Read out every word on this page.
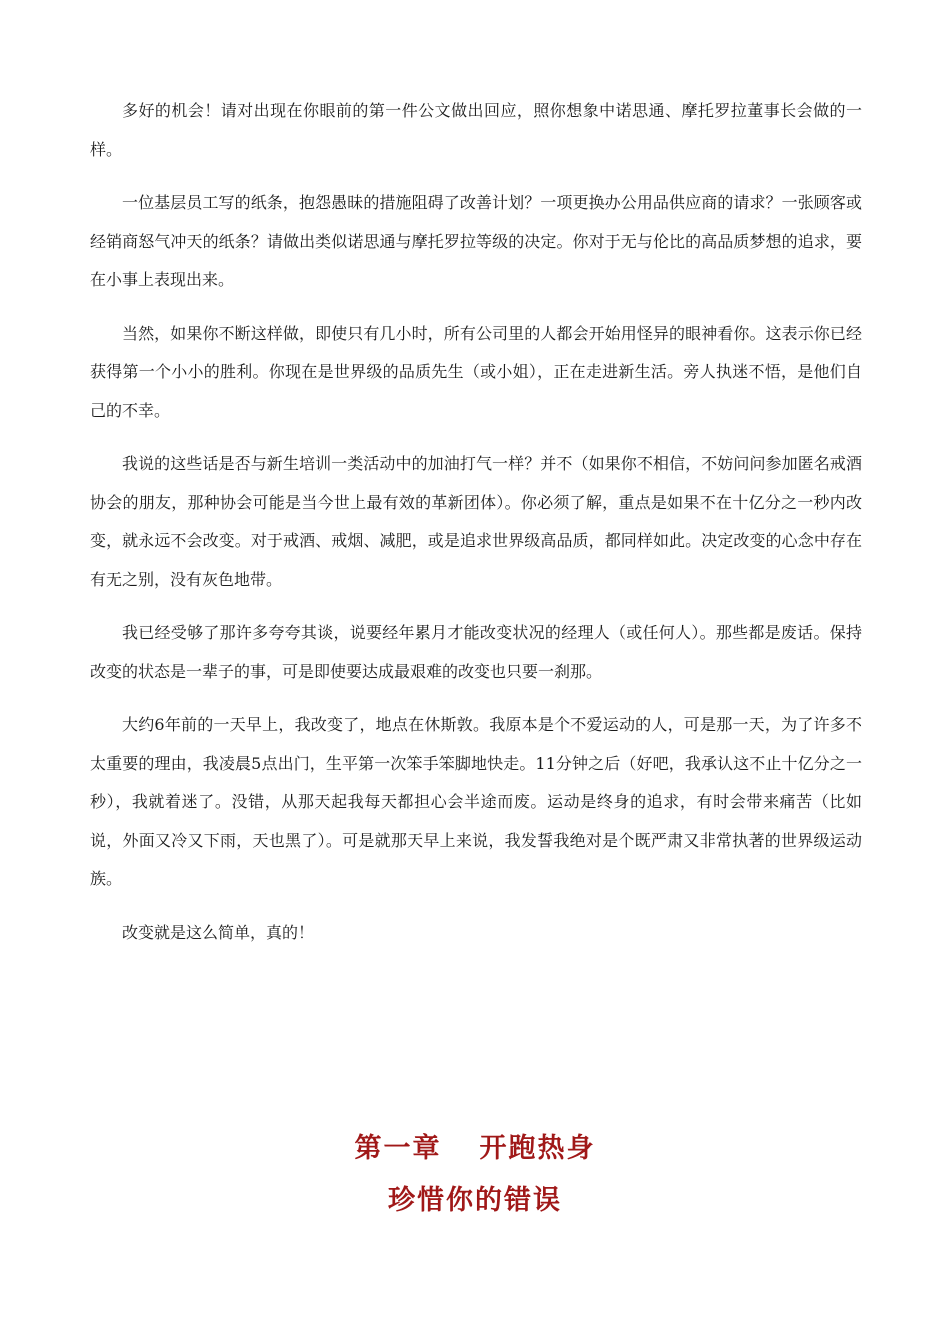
多好的机会！请对出现在你眼前的第一件公文做出回应，照你想象中诺思通、摩托罗拉董事长会做的一样。

一位基层员工写的纸条，抱怨愚昧的措施阻碍了改善计划？一项更换办公用品供应商的请求？一张顾客或经销商怒气冲天的纸条？请做出类似诺思通与摩托罗拉等级的决定。你对于无与伦比的高品质梦想的追求，要在小事上表现出来。

当然，如果你不断这样做，即使只有几小时，所有公司里的人都会开始用怪异的眼神看你。这表示你已经获得第一个小小的胜利。你现在是世界级的品质先生（或小姐），正在走进新生活。旁人执迷不悟，是他们自己的不幸。

我说的这些话是否与新生培训一类活动中的加油打气一样？并不（如果你不相信，不妨问问参加匿名戒酒协会的朋友，那种协会可能是当今世上最有效的革新团体）。你必须了解，重点是如果不在十亿分之一秒内改变，就永远不会改变。对于戒酒、戒烟、减肥，或是追求世界级高品质，都同样如此。决定改变的心念中存在有无之别，没有灰色地带。

我已经受够了那许多夸夸其谈，说要经年累月才能改变状况的经理人（或任何人）。那些都是废话。保持改变的状态是一辈子的事，可是即使要达成最艰难的改变也只要一刹那。

大约6年前的一天早上，我改变了，地点在休斯敦。我原本是个不爱运动的人，可是那一天，为了许多不太重要的理由，我凌晨5点出门，生平第一次笨手笨脚地快走。11分钟之后（好吧，我承认这不止十亿分之一秒），我就着迷了。没错，从那天起我每天都担心会半途而废。运动是终身的追求，有时会带来痛苦（比如说，外面又冷又下雨，天也黑了）。可是就那天早上来说，我发誓我绝对是个既严肃又非常执著的世界级运动族。

改变就是这么简单，真的！

第一章 开跑热身
珍惜你的错误
